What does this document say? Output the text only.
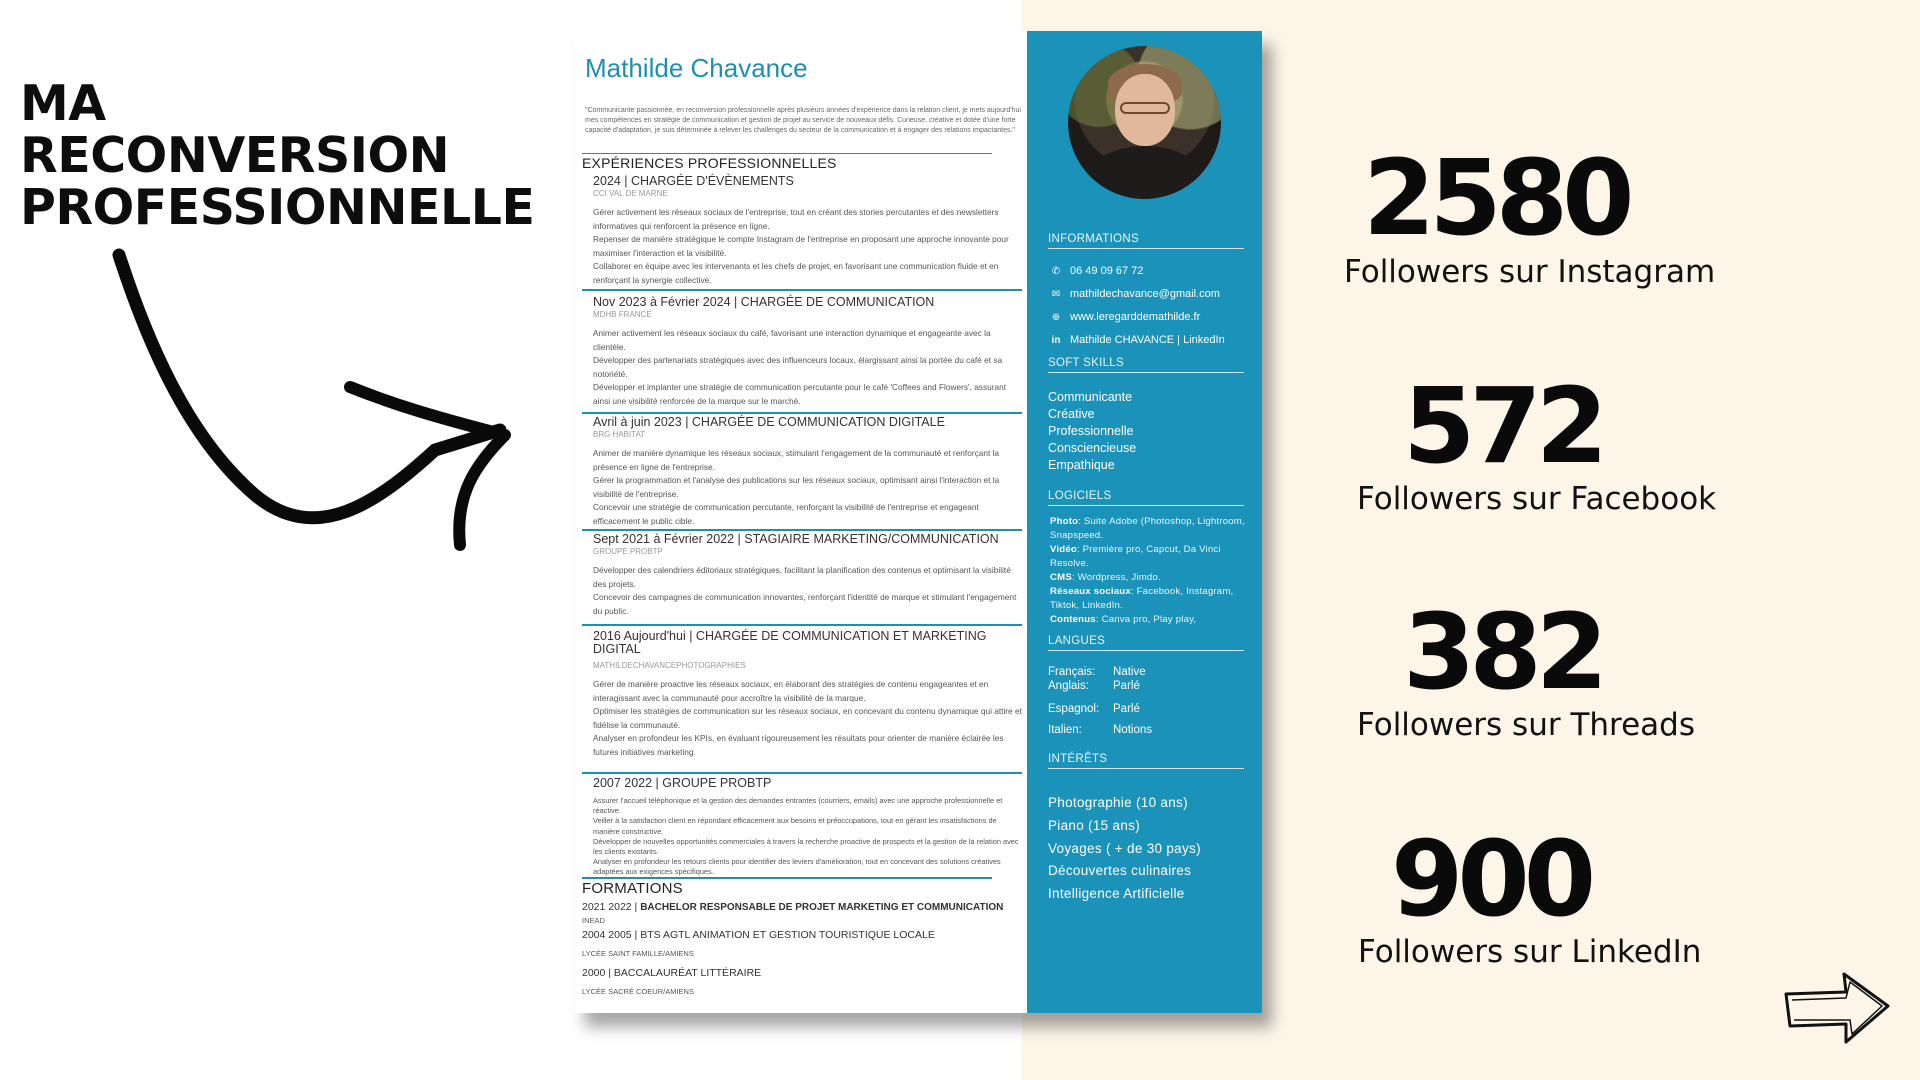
MA
RECONVERSION
PROFESSIONNELLE
Mathilde Chavance
"Communicante passionnée, en reconversion professionnelle après plusieurs années d'expérience dans la relation client, je mets aujourd'hui mes compétences en stratégie de communication et gestion de projet au service de nouveaux défis. Curieuse, créative et dotée d'une forte capacité d'adaptation, je suis déterminée à relever les challenges du secteur de la communication et à engager des relations impactantes."
EXPÉRIENCES PROFESSIONNELLES
2024 | CHARGÉE D'ÉVÈNEMENTS
CCI VAL DE MARNE

Gérer activement les réseaux sociaux de l'entreprise, tout en créant des stories percutantes et des newsletters informatives qui renforcent la présence en ligne.

Repenser de manière stratégique le compte Instagram de l'entreprise en proposant une approche innovante pour maximiser l'interaction et la visibilité.

Collaborer en équipe avec les intervenants et les chefs de projet, en favorisant une communication fluide et en renforçant la synergie collective.

Nov 2023 à Février 2024 | CHARGÉE DE COMMUNICATION
MDHB FRANCE

Animer activement les réseaux sociaux du café, favorisant une interaction dynamique et engageante avec la clientèle.

Développer des partenariats stratégiques avec des influenceurs locaux, élargissant ainsi la portée du café et sa notoriété.

Développer et implanter une stratégie de communication percutante pour le café 'Coffees and Flowers', assurant ainsi une visibilité renforcée de la marque sur le marché.

Avril à juin 2023 | CHARGÉE DE COMMUNICATION DIGITALE
BRG HABITAT

Animer de manière dynamique les réseaux sociaux, stimulant l'engagement de la communauté et renforçant la présence en ligne de l'entreprise.

Gérer la programmation et l'analyse des publications sur les réseaux sociaux, optimisant ainsi l'interaction et la visibilité de l'entreprise.

Concevoir une stratégie de communication percutante, renforçant la visibilité de l'entreprise et engageant efficacement le public cible.

Sept 2021 à Février 2022 | STAGIAIRE MARKETING/COMMUNICATION
GROUPE PROBTP

Développer des calendriers éditoriaux stratégiques, facilitant la planification des contenus et optimisant la visibilité des projets.

Concevoir des campagnes de communication innovantes, renforçant l'identité de marque et stimulant l'engagement du public.

2016 Aujourd'hui | CHARGÉE DE COMMUNICATION ET MARKETING DIGITAL
MATHILDECHAVANCEPHOTOGRAPHIES

Gérer de manière proactive les réseaux sociaux, en élaborant des stratégies de contenu engageantes et en interagissant avec la communauté pour accroître la visibilité de la marque.

Optimiser les stratégies de communication sur les réseaux sociaux, en concevant du contenu dynamique qui attire et fidélise la communauté.

Analyser en profondeur les KPIs, en évaluant rigoureusement les résultats pour orienter de manière éclairée les futures initiatives marketing.

2007 2022 | GROUPE PROBTP

Assurer l'accueil téléphonique et la gestion des demandes entrantes (courriers, emails) avec une approche professionnelle et réactive.

Veiller à la satisfaction client en répondant efficacement aux besoins et préoccupations, tout en gérant les insatisfactions de manière constructive.

Développer de nouvelles opportunités commerciales à travers la recherche proactive de prospects et la gestion de la relation avec les clients existants.

Analyser en profondeur les retours clients pour identifier des leviers d'amélioration, tout en concevant des solutions créatives adaptées aux exigences spécifiques.

FORMATIONS
2021 2022 | BACHELOR RESPONSABLE DE PROJET MARKETING ET COMMUNICATION
INEAD
2004 2005 | BTS AGTL ANIMATION ET GESTION TOURISTIQUE LOCALE
LYCÉE SAINT FAMILLE/AMIENS
2000 | BACCALAURÉAT LITTÉRAIRE
LYCÉE SACRÉ COEUR/AMIENS
INFORMATIONS
✆ 06 49 09 67 72
✉ mathildechavance@gmail.com
⊕ www.leregarddemathilde.fr
in Mathilde CHAVANCE | LinkedIn
SOFT SKILLS
Communicante
Créative
Professionnelle
Consciencieuse
Empathique
LOGICIELS
Photo: Suite Adobe (Photoshop, Lightroom, Snapspeed.
Vidéo: Première pro, Capcut, Da Vinci Resolve.
CMS: Wordpress, Jimdo.
Réseaux sociaux: Facebook, Instagram, Tiktok, LinkedIn.
Contenus: Canva pro, Play play,
LANGUES
Français:	Native
Anglais:	Parlé
Espagnol:	Parlé
Italien:	Notions
INTÉRÊTS
Photographie (10 ans)
Piano (15 ans)
Voyages ( + de 30 pays)
Découvertes culinaires
Intelligence Artificielle
2580
Followers sur Instagram
572
Followers sur Facebook
382
Followers sur Threads
900
Followers sur LinkedIn
